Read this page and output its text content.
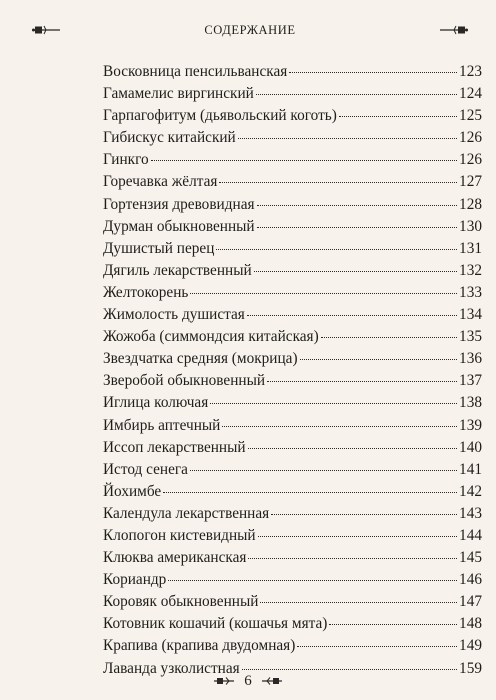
СОДЕРЖАНИЕ
Восковница пенсильванская	123
Гамамелис виргинский	124
Гарпагофитум (дьявольский коготь)	125
Гибискус китайский	126
Гинкго	126
Горечавка жёлтая	127
Гортензия древовидная	128
Дурман обыкновенный	130
Душистый перец	131
Дягиль лекарственный	132
Желтокорень	133
Жимолость душистая	134
Жожоба (симмондсия китайская)	135
Звездчатка средняя (мокрица)	136
Зверобой обыкновенный	137
Иглица колючая	138
Имбирь аптечный	139
Иссоп лекарственный	140
Истод сенега	141
Йохимбе	142
Календула лекарственная	143
Клопогон кистевидный	144
Клюква американская	145
Кориандр	146
Коровяк обыкновенный	147
Котовник кошачий (кошачья мята)	148
Крапива (крапива двудомная)	149
Лаванда узколистная	159
6
